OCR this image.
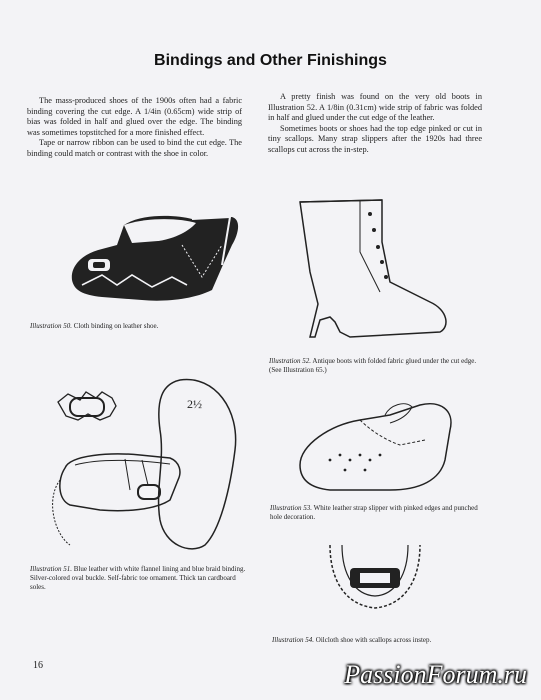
Bindings and Other Finishings

The mass-produced shoes of the 1900s often had a fabric binding covering the cut edge. A 1/4in (0.65cm) wide strip of bias was folded in half and glued over the edge. The binding was sometimes topstitched for a more finished effect.

Tape or narrow ribbon can be used to bind the cut edge. The binding could match or contrast with the shoe in color.

A pretty finish was found on the very old boots in Illustration 52. A 1/8in (0.31cm) wide strip of fabric was folded in half and glued under the cut edge of the leather.

Sometimes boots or shoes had the top edge pinked or cut in tiny scallops. Many strap slippers after the 1920s had three scallops cut across the in-step.

Illustration 50. Cloth binding on leather shoe.
Illustration 52. Antique boots with folded fabric glued under the cut edge. (See Illustration 65.)
2½
Illustration 51. Blue leather with white flannel lining and blue braid binding. Silver-colored oval buckle. Self-fabric toe ornament. Thick tan cardboard soles.
Illustration 53. White leather strap slipper with pinked edges and punched hole decoration.
Illustration 54. Oilcloth shoe with scallops across instep.
16	PassionForum.ru
